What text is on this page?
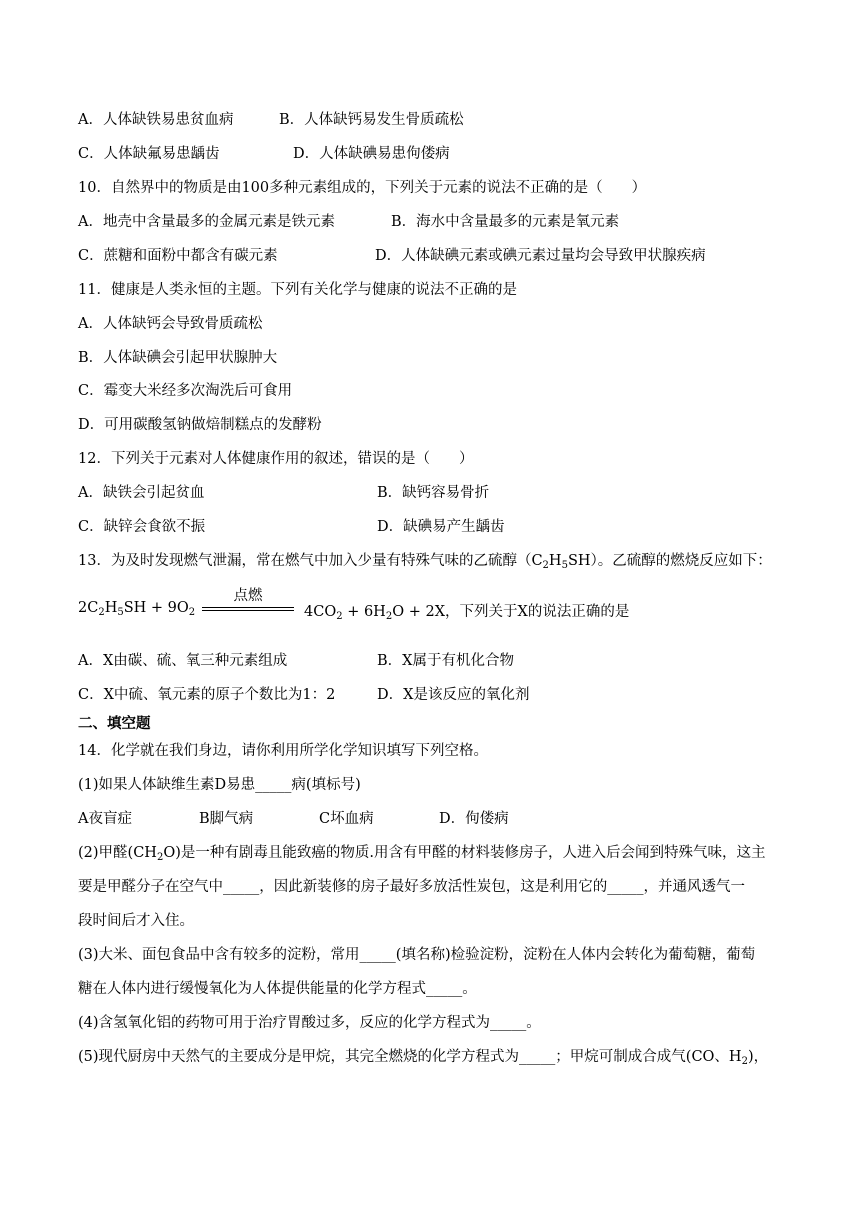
A．人体缺铁易患贫血病	B．人体缺钙易发生骨质疏松
C．人体缺氟易患龋齿	D．人体缺碘易患佝偻病
10．自然界中的物质是由100多种元素组成的，下列关于元素的说法不正确的是（　　）
A．地壳中含量最多的金属元素是铁元素	B．海水中含量最多的元素是氧元素
C．蔗糖和面粉中都含有碳元素	D．人体缺碘元素或碘元素过量均会导致甲状腺疾病
11．健康是人类永恒的主题。下列有关化学与健康的说法不正确的是
A．人体缺钙会导致骨质疏松
B．人体缺碘会引起甲状腺肿大
C．霉变大米经多次淘洗后可食用
D．可用碳酸氢钠做焙制糕点的发酵粉
12．下列关于元素对人体健康作用的叙述，错误的是（　　）
A．缺铁会引起贫血	B．缺钙容易骨折
C．缺锌会食欲不振	D．缺碘易产生龋齿
13．为及时发现燃气泄漏，常在燃气中加入少量有特殊气味的乙硫醇$(C_2H_5SH)$。乙硫醇的燃烧反应如下：
$2C_2H_5SH + 9O_2$
点燃
$4CO_2 + 6H_2O + 2X$，下列关于X的说法正确的是
A．X由碳、硫、氧三种元素组成	B．X属于有机化合物
C．X中硫、氧元素的原子个数比为1：2	D．X是该反应的氧化剂
二、填空题
14．化学就在我们身边，请你利用所学化学知识填写下列空格。
(1)如果人体缺维生素D易患_____病(填标号)
A夜盲症	B脚气病	C坏血病	D．佝偻病
(2)甲醛$(CH_2O)$是一种有剧毒且能致癌的物质.用含有甲醛的材料装修房子，人进入后会闻到特殊气味，这主
要是甲醛分子在空气中_____，因此新装修的房子最好多放活性炭包，这是利用它的_____，并通风透气一
段时间后才入住。
(3)大米、面包食品中含有较多的淀粉，常用_____(填名称)检验淀粉，淀粉在人体内会转化为葡萄糖，葡萄
糖在人体内进行缓慢氧化为人体提供能量的化学方程式_____。
(4)含氢氧化铝的药物可用于治疗胃酸过多，反应的化学方程式为_____。
(5)现代厨房中天然气的主要成分是甲烷，其完全燃烧的化学方程式为_____；甲烷可制成合成气(CO、$H_2$)，
